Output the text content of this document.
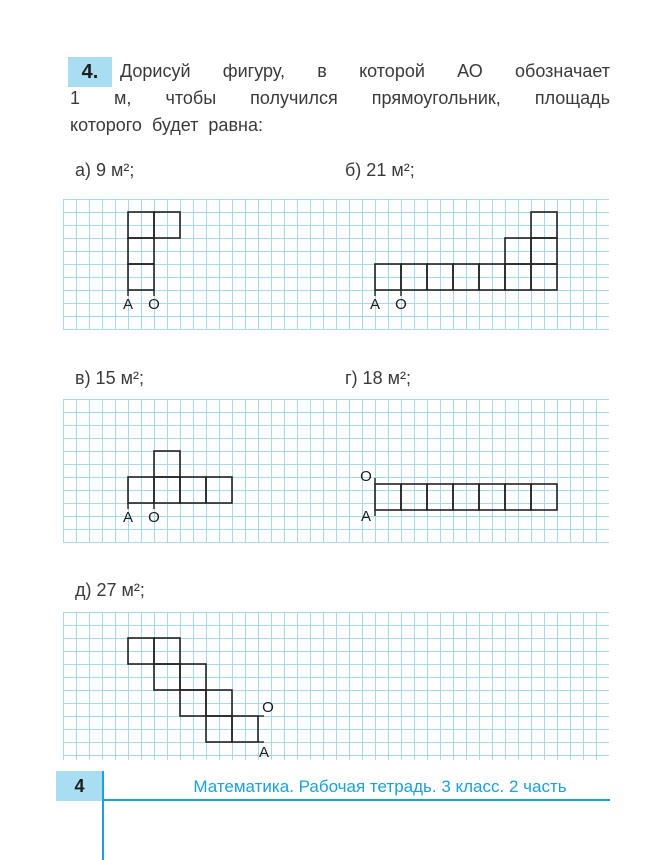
4.	Дорисуй фигуру, в которой АО обозначает
1 м, чтобы получился прямоугольник, площадь
которого будет равна:
а) 9 м²;	б) 21 м²;
А О	А О
в) 15 м²;	г) 18 м²;
А О
О
А
д) 27 м²;
О
А
4	Математика. Рабочая тетрадь. 3 класс. 2 часть
